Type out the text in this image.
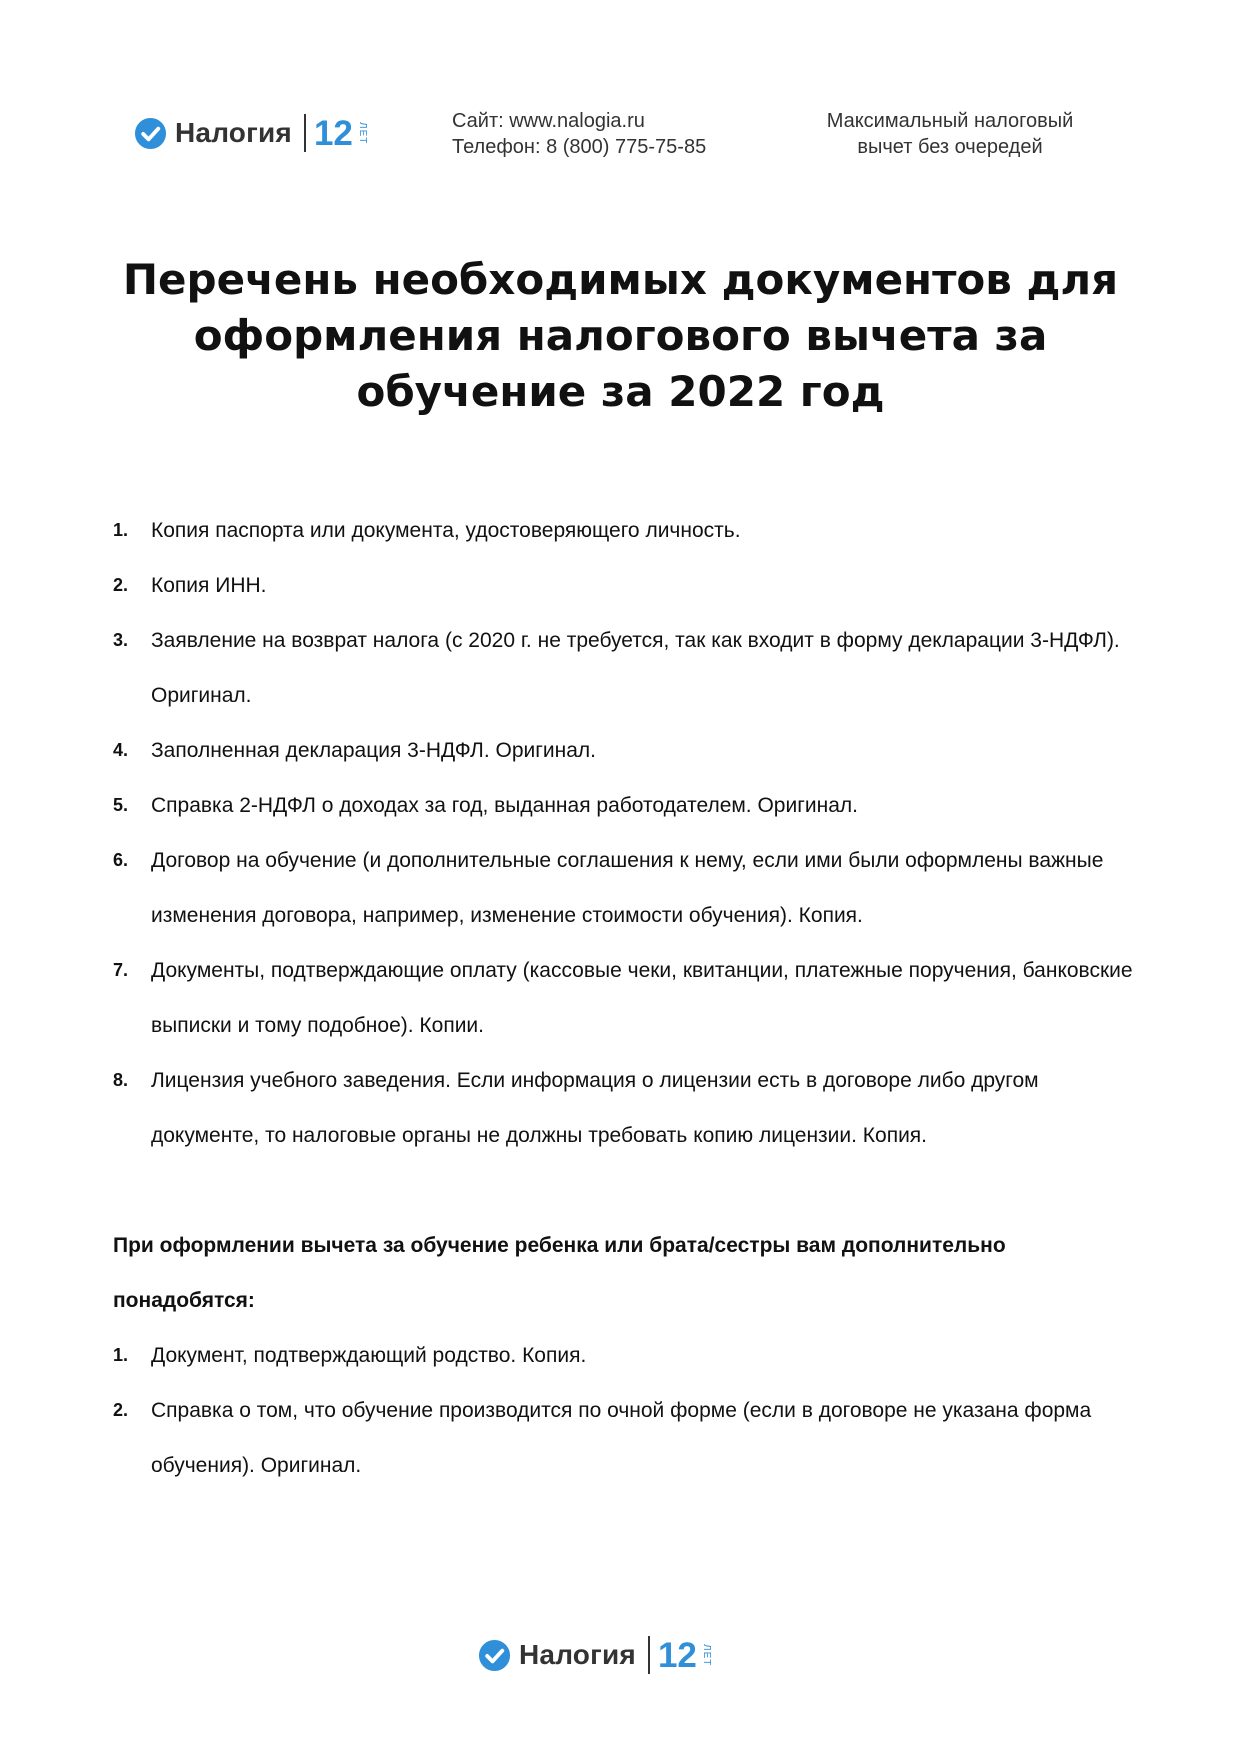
Налогия 12 ЛЕТ
Сайт: www.nalogia.ru
Телефон: 8 (800) 775-75-85
Максимальный налоговый
вычет без очередей
Перечень необходимых документов для оформления налогового вычета за обучение за 2022 год
1. Копия паспорта или документа, удостоверяющего личность.
2. Копия ИНН.
3. Заявление на возврат налога (с 2020 г. не требуется, так как входит в форму декларации 3-НДФЛ). Оригинал.
4. Заполненная декларация 3-НДФЛ. Оригинал.
5. Справка 2-НДФЛ о доходах за год, выданная работодателем. Оригинал.
6. Договор на обучение (и дополнительные соглашения к нему, если ими были оформлены важные изменения договора, например, изменение стоимости обучения). Копия.
7. Документы, подтверждающие оплату (кассовые чеки, квитанции, платежные поручения, банковские выписки и тому подобное). Копии.
8. Лицензия учебного заведения. Если информация о лицензии есть в договоре либо другом документе, то налоговые органы не должны требовать копию лицензии. Копия.

При оформлении вычета за обучение ребенка или брата/сестры вам дополнительно понадобятся:

1. Документ, подтверждающий родство. Копия.
2. Справка о том, что обучение производится по очной форме (если в договоре не указана форма обучения). Оригинал.
Налогия 12 ЛЕТ
